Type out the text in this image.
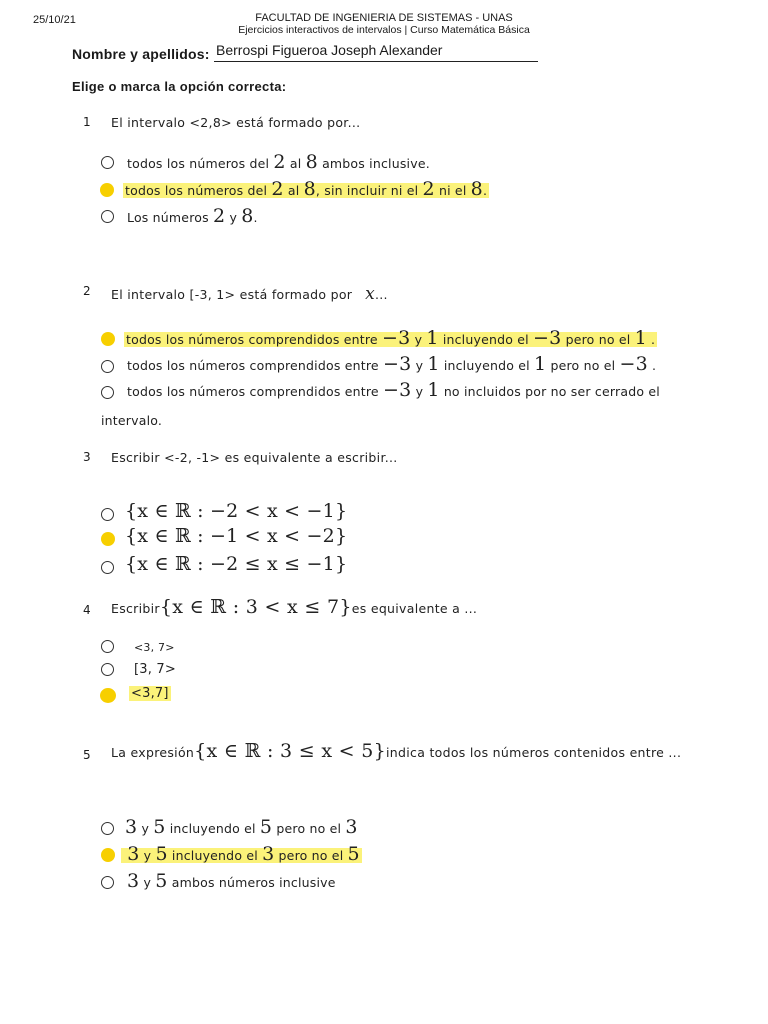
25/10/21	FACULTAD DE INGENIERIA DE SISTEMAS - UNAS
Ejercicios interactivos de intervalos | Curso Matemática Básica
Nombre y apellidos: Berrospi Figueroa Joseph Alexander
Elige o marca la opción correcta:
1 El intervalo <2,8> está formado por...
todos los números del 2 al 8 ambos inclusive.
todos los números del 2 al 8, sin incluir ni el 2 ni el 8.
Los números 2 y 8.
2 El intervalo [-3, 1> está formado por x...
todos los números comprendidos entre −3 y 1 incluyendo el −3 pero no el 1 .
todos los números comprendidos entre −3 y 1 incluyendo el 1 pero no el −3 .
todos los números comprendidos entre −3 y 1 no incluidos por no ser cerrado el
intervalo.
3 Escribir <-2, -1> es equivalente a escribir...
{x ∈ ℝ : −2 < x < −1}
{x ∈ ℝ : −1 < x < −2}
{x ∈ ℝ : −2 ≤ x ≤ −1}
4 Escribir{x ∈ ℝ : 3 < x ≤ 7}es equivalente a ...
<3, 7>
[3, 7>
<3,7]
5 La expresión{x ∈ ℝ : 3 ≤ x < 5}indica todos los números contenidos entre ...
3 y 5 incluyendo el 5 pero no el 3
3 y 5 incluyendo el 3 pero no el 5
3 y 5 ambos números inclusive
